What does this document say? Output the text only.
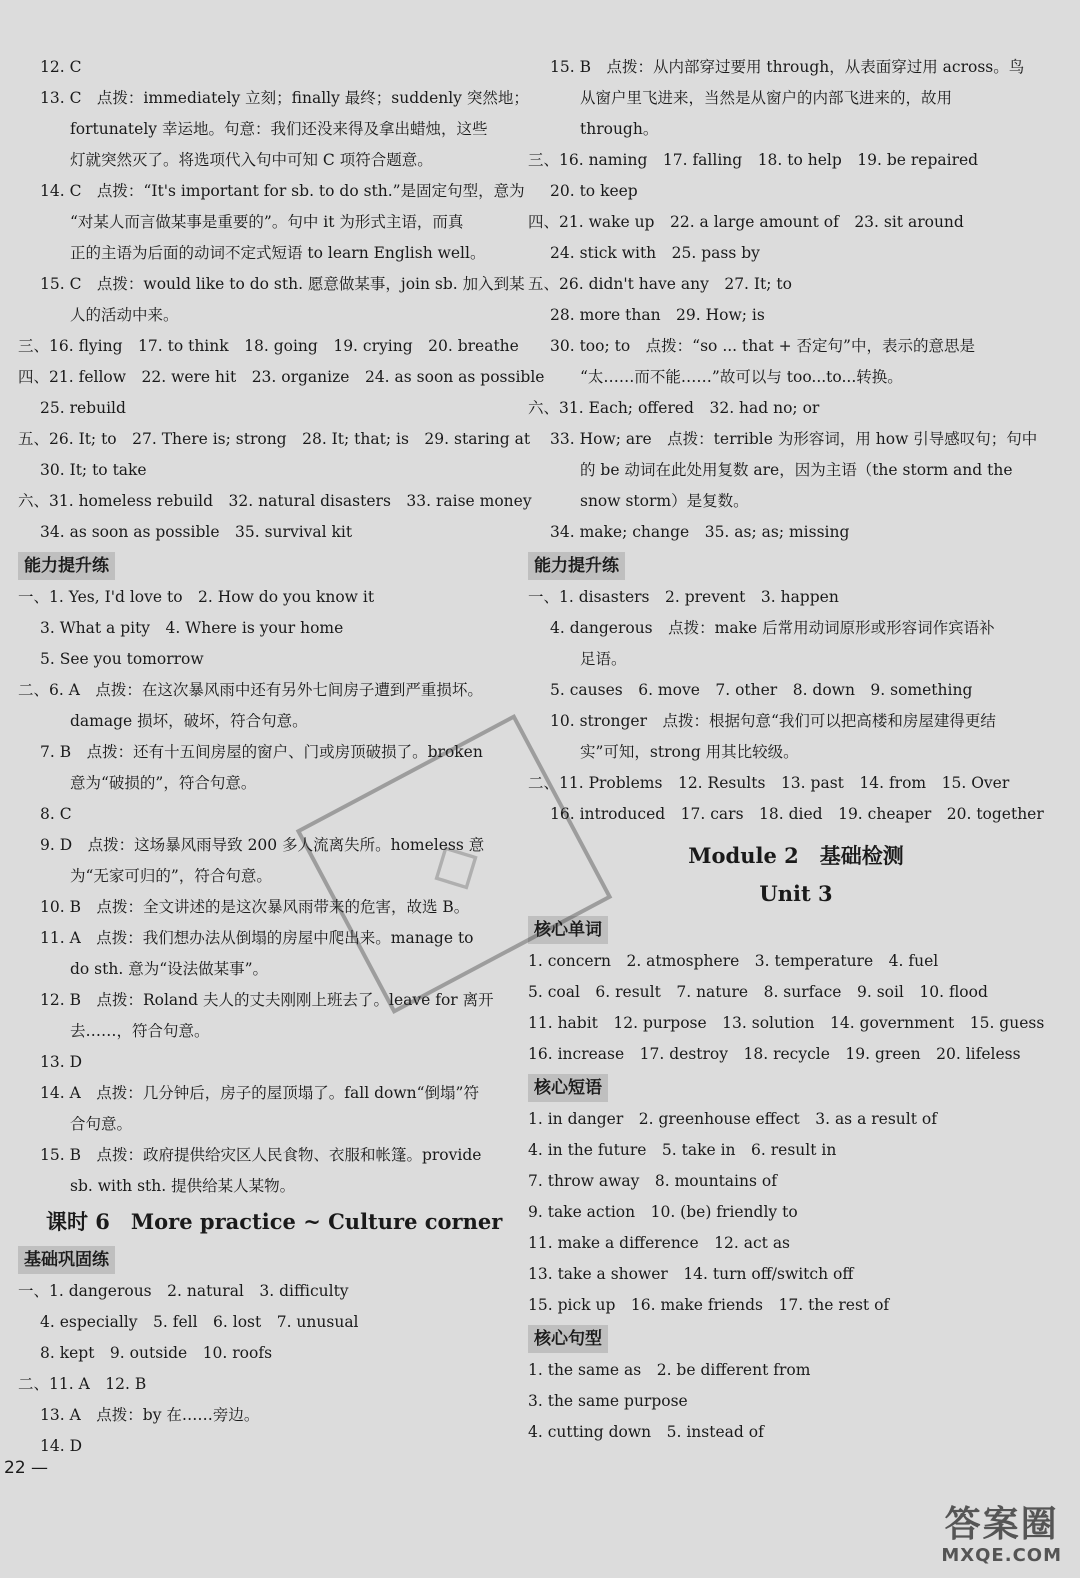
12. C
13. C　点拨：immediately 立刻；finally 最终；suddenly 突然地；
fortunately 幸运地。句意：我们还没来得及拿出蜡烛，这些
灯就突然灭了。将选项代入句中可知 C 项符合题意。
14. C　点拨：“It's important for sb. to do sth.”是固定句型，意为
“对某人而言做某事是重要的”。句中 it 为形式主语，而真
正的主语为后面的动词不定式短语 to learn English well。
15. C　点拨：would like to do sth. 愿意做某事，join sb. 加入到某
人的活动中来。
三、16. flying　17. to think　18. going　19. crying　20. breathe
四、21. fellow　22. were hit　23. organize　24. as soon as possible
25. rebuild
五、26. It; to　27. There is; strong　28. It; that; is　29. staring at
30. It; to take
六、31. homeless rebuild　32. natural disasters　33. raise money
34. as soon as possible　35. survival kit
能力提升练
一、1. Yes, I'd love to　2. How do you know it
3. What a pity　4. Where is your home
5. See you tomorrow
二、6. A　点拨：在这次暴风雨中还有另外七间房子遭到严重损坏。
damage 损坏，破坏，符合句意。
7. B　点拨：还有十五间房屋的窗户、门或房顶破损了。broken
意为“破损的”，符合句意。
8. C
9. D　点拨：这场暴风雨导致 200 多人流离失所。homeless 意
为“无家可归的”，符合句意。
10. B　点拨：全文讲述的是这次暴风雨带来的危害，故选 B。
11. A　点拨：我们想办法从倒塌的房屋中爬出来。manage to
do sth. 意为“设法做某事”。
12. B　点拨：Roland 夫人的丈夫刚刚上班去了。leave for 离开
去……，符合句意。
13. D
14. A　点拨：几分钟后，房子的屋顶塌了。fall down“倒塌”符
合句意。
15. B　点拨：政府提供给灾区人民食物、衣服和帐篷。provide
sb. with sth. 提供给某人某物。
课时 6　More practice ~ Culture corner
基础巩固练
一、1. dangerous　2. natural　3. difficulty
4. especially　5. fell　6. lost　7. unusual
8. kept　9. outside　10. roofs
二、11. A　12. B
13. A　点拨：by 在……旁边。
14. D
15. B　点拨：从内部穿过要用 through，从表面穿过用 across。鸟
从窗户里飞进来，当然是从窗户的内部飞进来的，故用
through。
三、16. naming　17. falling　18. to help　19. be repaired
20. to keep
四、21. wake up　22. a large amount of　23. sit around
24. stick with　25. pass by
五、26. didn't have any　27. It; to
28. more than　29. How; is
30. too; to　点拨：“so ... that + 否定句”中，表示的意思是
“太……而不能……”故可以与 too...to...转换。
六、31. Each; offered　32. had no; or
33. How; are　点拨：terrible 为形容词，用 how 引导感叹句；句中
的 be 动词在此处用复数 are，因为主语（the storm and the
snow storm）是复数。
34. make; change　35. as; as; missing
能力提升练
一、1. disasters　2. prevent　3. happen
4. dangerous　点拨：make 后常用动词原形或形容词作宾语补
足语。
5. causes　6. move　7. other　8. down　9. something
10. stronger　点拨：根据句意“我们可以把高楼和房屋建得更结
实”可知，strong 用其比较级。
二、11. Problems　12. Results　13. past　14. from　15. Over
16. introduced　17. cars　18. died　19. cheaper　20. together
Module 2　基础检测
Unit 3
核心单词
1. concern　2. atmosphere　3. temperature　4. fuel
5. coal　6. result　7. nature　8. surface　9. soil　10. flood
11. habit　12. purpose　13. solution　14. government　15. guess
16. increase　17. destroy　18. recycle　19. green　20. lifeless
核心短语
1. in danger　2. greenhouse effect　3. as a result of
4. in the future　5. take in　6. result in
7. throw away　8. mountains of
9. take action　10. (be) friendly to
11. make a difference　12. act as
13. take a shower　14. turn off/switch off
15. pick up　16. make friends　17. the rest of
核心句型
1. the same as　2. be different from
3. the same purpose
4. cutting down　5. instead of
◇
22 —
答案圈
MXQE.COM
